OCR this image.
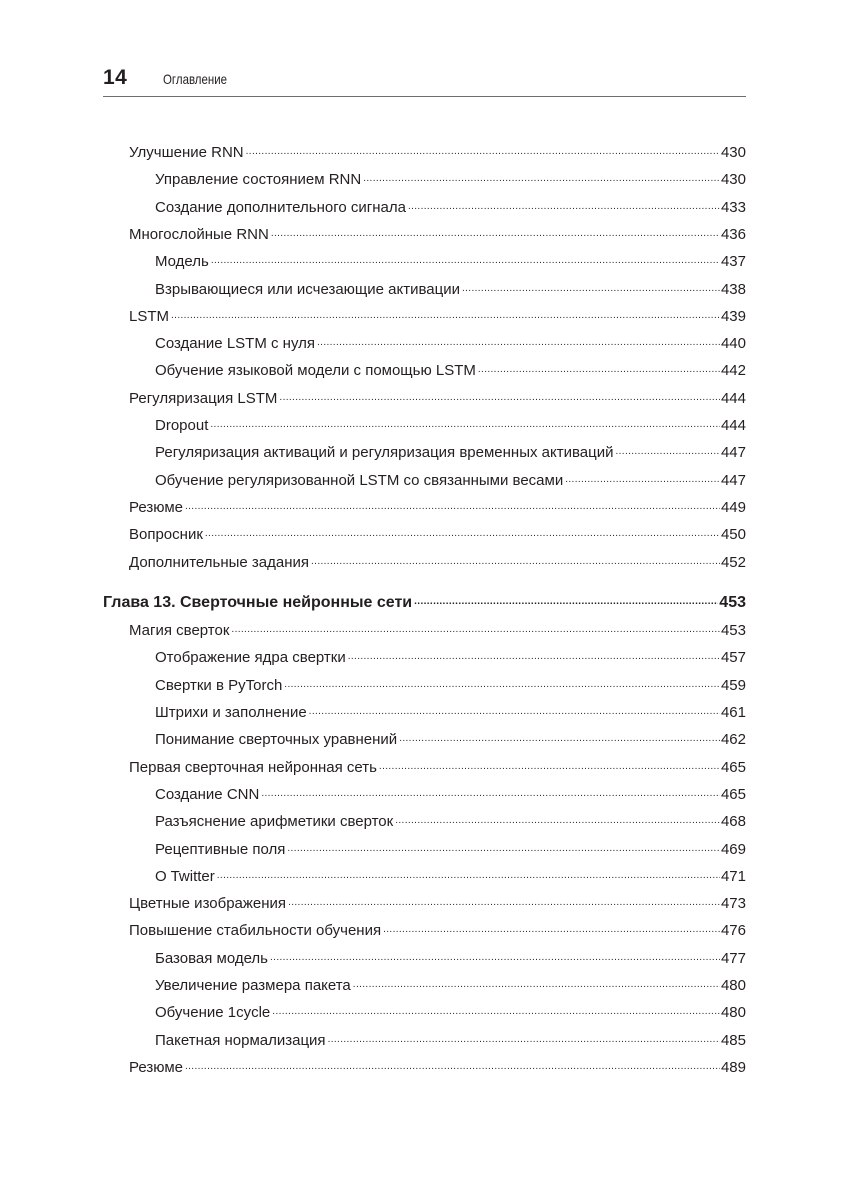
14	Оглавление
Улучшение RNN . . .	430
Управление состоянием RNN . . .	430
Создание дополнительного сигнала . . .	433
Многослойные RNN . . .	436
Модель . . .	437
Взрывающиеся или исчезающие активации . . .	438
LSTM . . .	439
Создание LSTM с нуля . . .	440
Обучение языковой модели с помощью LSTM . . .	442
Регуляризация LSTM . . .	444
Dropout . . .	444
Регуляризация активаций и регуляризация временных активаций . . .	447
Обучение регуляризованной LSTM со связанными весами . . .	447
Резюме . . .	449
Вопросник . . .	450
Дополнительные задания . . .	452
Глава 13. Сверточные нейронные сети . . .	453
Магия сверток . . .	453
Отображение ядра свертки . . .	457
Свертки в PyTorch . . .	459
Штрихи и заполнение . . .	461
Понимание сверточных уравнений . . .	462
Первая сверточная нейронная сеть . . .	465
Создание CNN . . .	465
Разъяснение арифметики сверток . . .	468
Рецептивные поля . . .	469
O Twitter . . .	471
Цветные изображения . . .	473
Повышение стабильности обучения . . .	476
Базовая модель . . .	477
Увеличение размера пакета . . .	480
Обучение 1cycle . . .	480
Пакетная нормализация . . .	485
Резюме . . .	489
